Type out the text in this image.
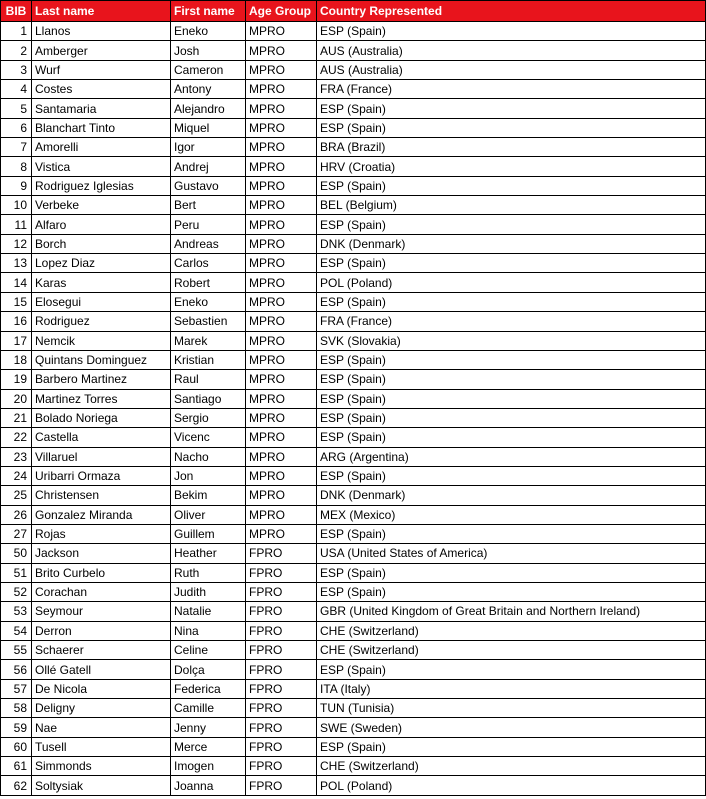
BIB	Last name	First name	Age Group	Country Represented
1	Llanos	Eneko	MPRO	ESP (Spain)
2	Amberger	Josh	MPRO	AUS (Australia)
3	Wurf	Cameron	MPRO	AUS (Australia)
4	Costes	Antony	MPRO	FRA (France)
5	Santamaria	Alejandro	MPRO	ESP (Spain)
6	Blanchart Tinto	Miquel	MPRO	ESP (Spain)
7	Amorelli	Igor	MPRO	BRA (Brazil)
8	Vistica	Andrej	MPRO	HRV (Croatia)
9	Rodriguez Iglesias	Gustavo	MPRO	ESP (Spain)
10	Verbeke	Bert	MPRO	BEL (Belgium)
11	Alfaro	Peru	MPRO	ESP (Spain)
12	Borch	Andreas	MPRO	DNK (Denmark)
13	Lopez Diaz	Carlos	MPRO	ESP (Spain)
14	Karas	Robert	MPRO	POL (Poland)
15	Elosegui	Eneko	MPRO	ESP (Spain)
16	Rodriguez	Sebastien	MPRO	FRA (France)
17	Nemcik	Marek	MPRO	SVK (Slovakia)
18	Quintans Dominguez	Kristian	MPRO	ESP (Spain)
19	Barbero Martinez	Raul	MPRO	ESP (Spain)
20	Martinez Torres	Santiago	MPRO	ESP (Spain)
21	Bolado Noriega	Sergio	MPRO	ESP (Spain)
22	Castella	Vicenc	MPRO	ESP (Spain)
23	Villaruel	Nacho	MPRO	ARG (Argentina)
24	Uribarri Ormaza	Jon	MPRO	ESP (Spain)
25	Christensen	Bekim	MPRO	DNK (Denmark)
26	Gonzalez Miranda	Oliver	MPRO	MEX (Mexico)
27	Rojas	Guillem	MPRO	ESP (Spain)
50	Jackson	Heather	FPRO	USA (United States of America)
51	Brito Curbelo	Ruth	FPRO	ESP (Spain)
52	Corachan	Judith	FPRO	ESP (Spain)
53	Seymour	Natalie	FPRO	GBR (United Kingdom of Great Britain and Northern Ireland)
54	Derron	Nina	FPRO	CHE (Switzerland)
55	Schaerer	Celine	FPRO	CHE (Switzerland)
56	Ollé Gatell	Dolça	FPRO	ESP (Spain)
57	De Nicola	Federica	FPRO	ITA (Italy)
58	Deligny	Camille	FPRO	TUN (Tunisia)
59	Nae	Jenny	FPRO	SWE (Sweden)
60	Tusell	Merce	FPRO	ESP (Spain)
61	Simmonds	Imogen	FPRO	CHE (Switzerland)
62	Soltysiak	Joanna	FPRO	POL (Poland)
